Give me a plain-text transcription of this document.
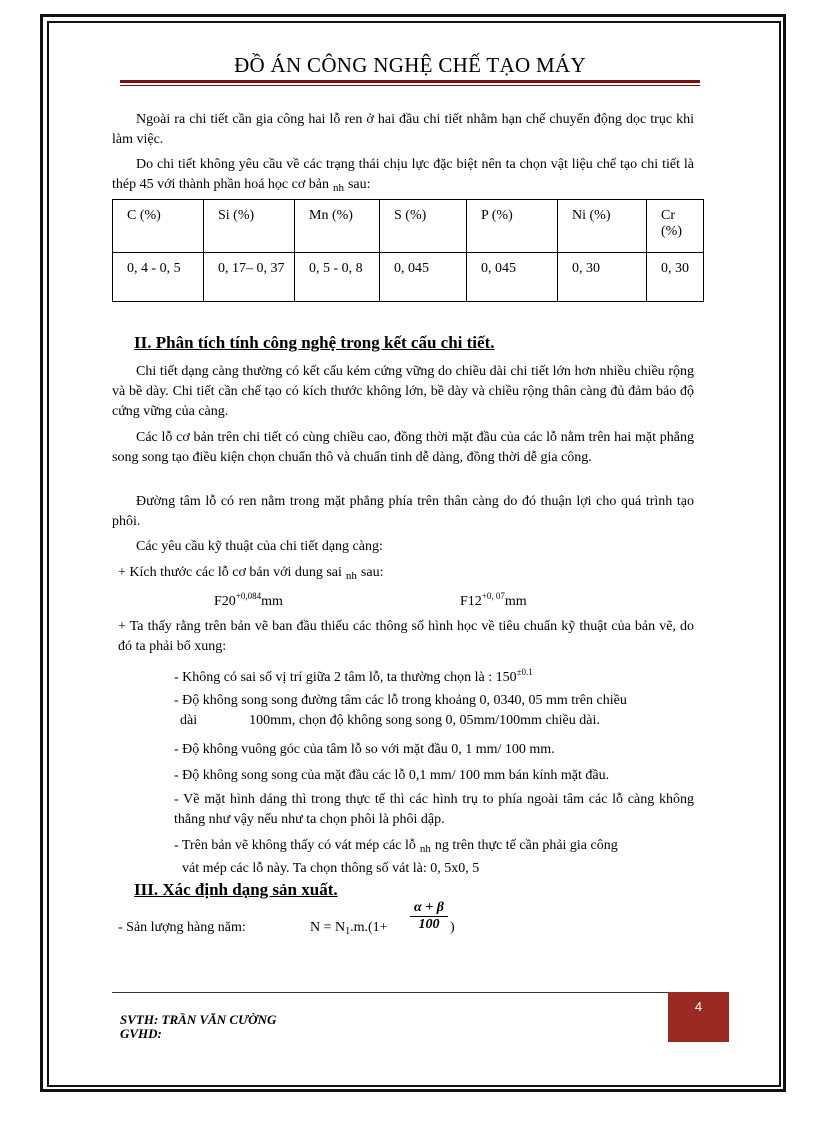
ĐỒ ÁN CÔNG NGHỆ CHẾ TẠO MÁY
Ngoài ra chi tiết cần gia công hai lỗ ren ở hai đầu chi tiết nhằm hạn chế chuyển động dọc trục khi làm việc.
Do chi tiết không yêu cầu về các trạng thái chịu lực đặc biệt nên ta chọn vật liệu chế tạo chi tiết là thép 45 với thành phần hoá học cơ bản $_{nh}$ sau:
C (%)	Si (%)	Mn (%)	S (%)	P (%)	Ni (%)	Cr (%)
0, 4 - 0, 5	0, 17– 0, 37	0, 5 - 0, 8	0, 045	0, 045	0, 30	0, 30
II. Phân tích tính công nghệ trong kết cấu chi tiết.
Chi tiết dạng càng thường có kết cấu kém cứng vững do chiều dài chi tiết lớn hơn nhiều chiều rộng và bề dày. Chi tiết cần chế tạo có kích thước không lớn, bề dày và chiều rộng thân càng đủ đảm bảo độ cứng vững của càng.
Các lỗ cơ bản trên chi tiết có cùng chiều cao, đồng thời mặt đầu của các lỗ nằm trên hai mặt phẳng song song tạo điều kiện chọn chuẩn thô và chuẩn tinh dễ dàng, đồng thời dễ gia công.
Đường tâm lỗ có ren nằm trong mặt phẳng phía trên thân càng do đó thuận lợi cho quá trình tạo phôi.
Các yêu cầu kỹ thuật của chi tiết dạng càng:
+ Kích thước các lỗ cơ bản với dung sai $_{nh}$ sau:
$F20^{+0,084}mm$	$F12^{+0, 07}mm$
+ Ta thấy rằng trên bản vẽ ban đầu thiếu các thông số hình học về tiêu chuẩn kỹ thuật của bản vẽ, do đó ta phải bổ xung:
- Không có sai số vị trí giữa 2 tâm lỗ, ta thường chọn là : $150^{\pm 0.1}$
- Độ không song song đường tâm các lỗ trong khoảng 0, 0340, 05 mm trên chiều
dài	100mm, chọn độ không song song 0, 05mm/100mm chiều dài.
- Độ không vuông góc của tâm lỗ so với mặt đầu 0, 1 mm/ 100 mm.
- Độ không song song của mặt đầu các lỗ 0,1 mm/ 100 mm bán kính mặt đầu.
- Về mặt hình dáng thì trong thực tế thì các hình trụ to phía ngoài tâm các lỗ càng không thẳng như vậy nếu như ta chọn phôi là phôi dập.
- Trên bản vẽ không thấy có vát mép các lỗ $_{nh}$ ng trên thực tế cần phải gia công
vát mép các lỗ này. Ta chọn thông số vát là: 0, 5x0, 5
III. Xác định dạng sản xuất.
- Sản lượng hàng năm:	$N = N_1.m.(1+ \frac{\alpha + \beta}{100}$ )
4
SVTH: TRẦN VĂN CƯỜNG
GVHD:
